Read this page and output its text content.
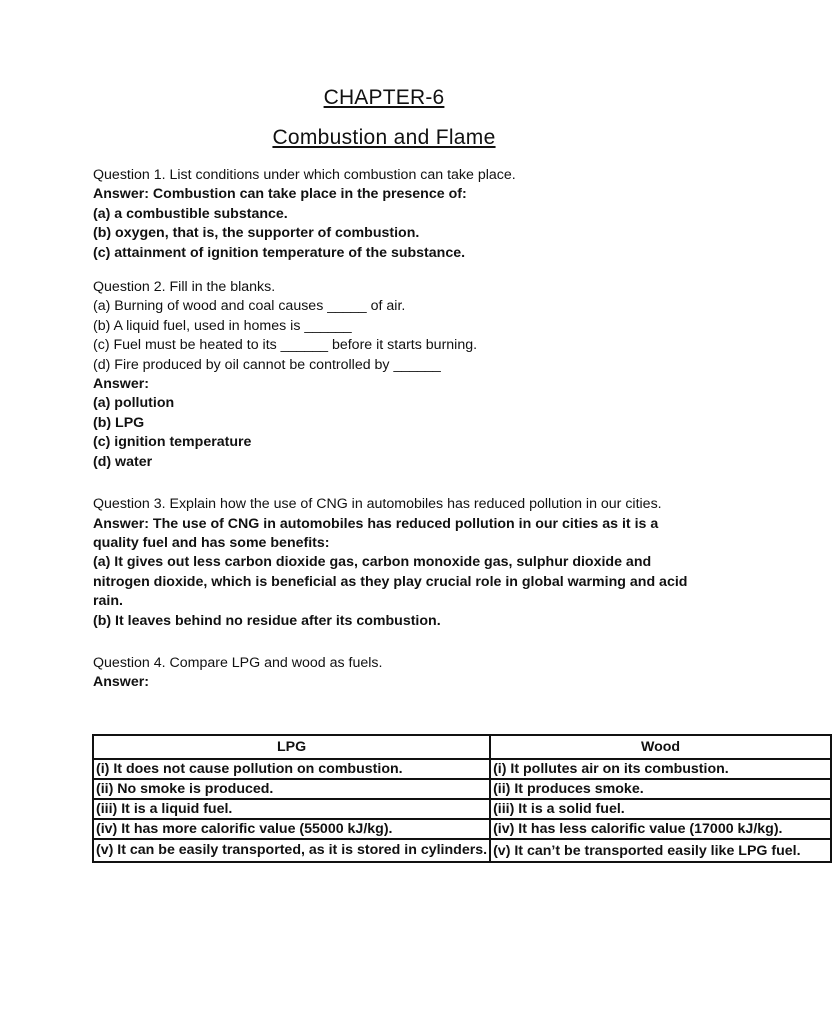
CHAPTER-6
Combustion and Flame
Question 1. List conditions under which combustion can take place.
Answer: Combustion can take place in the presence of:
(a) a combustible substance.
(b) oxygen, that is, the supporter of combustion.
(c) attainment of ignition temperature of the substance.
Question 2. Fill in the blanks.
(a) Burning of wood and coal causes _____ of air.
(b) A liquid fuel, used in homes is ______
(c) Fuel must be heated to its ______ before it starts burning.
(d) Fire produced by oil cannot be controlled by ______
Answer:
(a) pollution
(b) LPG
(c) ignition temperature
(d) water
Question 3. Explain how the use of CNG in automobiles has reduced pollution in our cities.
Answer: The use of CNG in automobiles has reduced pollution in our cities as it is a quality fuel and has some benefits:
(a) It gives out less carbon dioxide gas, carbon monoxide gas, sulphur dioxide and nitrogen dioxide, which is beneficial as they play crucial role in global warming and acid rain.
(b) It leaves behind no residue after its combustion.
Question 4. Compare LPG and wood as fuels.
Answer:
LPG	Wood
(i) It does not cause pollution on combustion.	(i) It pollutes air on its combustion.
(ii) No smoke is produced.	(ii) It produces smoke.
(iii) It is a liquid fuel.	(iii) It is a solid fuel.
(iv) It has more calorific value (55000 kJ/kg).	(iv) It has less calorific value (17000 kJ/kg).
(v) It can be easily transported, as it is stored in cylinders.	(v) It can’t be transported easily like LPG fuel.
